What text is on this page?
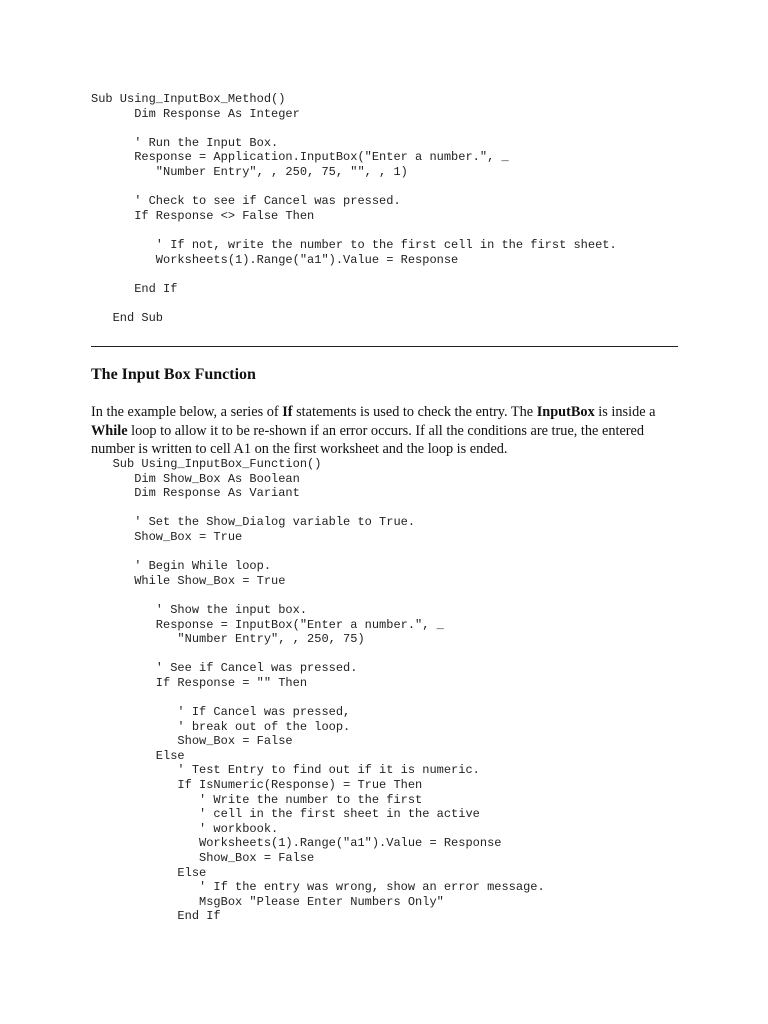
Sub Using_InputBox_Method()
Dim Response As Integer

' Run the Input Box.
Response = Application.InputBox("Enter a number.", _
"Number Entry", , 250, 75, "", , 1)

' Check to see if Cancel was pressed.
If Response <> False Then

' If not, write the number to the first cell in the first sheet.
Worksheets(1).Range("a1").Value = Response

End If

End Sub
The Input Box Function

In the example below, a series of If statements is used to check the entry. The InputBox is inside a While loop to allow it to be re-shown if an error occurs. If all the conditions are true, the entered number is written to cell A1 on the first worksheet and the loop is ended.

Sub Using_InputBox_Function()
Dim Show_Box As Boolean
Dim Response As Variant

' Set the Show_Dialog variable to True.
Show_Box = True

' Begin While loop.
While Show_Box = True

' Show the input box.
Response = InputBox("Enter a number.", _
"Number Entry", , 250, 75)

' See if Cancel was pressed.
If Response = "" Then

' If Cancel was pressed,
' break out of the loop.
Show_Box = False
Else
' Test Entry to find out if it is numeric.
If IsNumeric(Response) = True Then
' Write the number to the first
' cell in the first sheet in the active
' workbook.
Worksheets(1).Range("a1").Value = Response
Show_Box = False
Else
' If the entry was wrong, show an error message.
MsgBox "Please Enter Numbers Only"
End If
